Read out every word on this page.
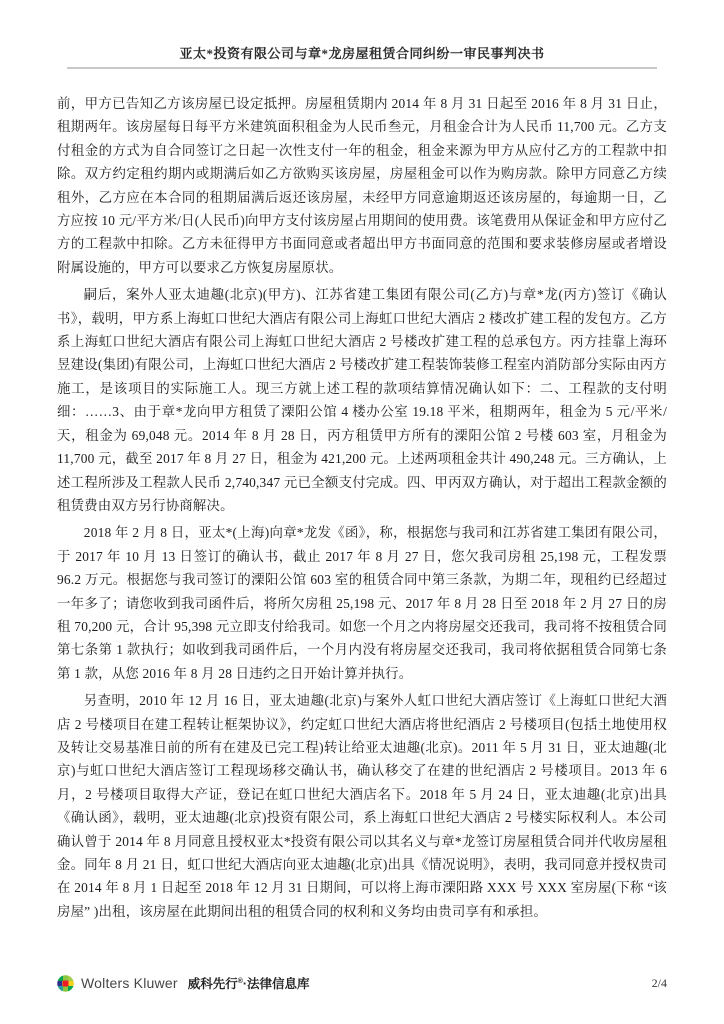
亚太*投资有限公司与章*龙房屋租赁合同纠纷一审民事判决书

前，甲方已告知乙方该房屋已设定抵押。房屋租赁期内 2014 年 8 月 31 日起至 2016 年 8 月 31 日止，租期两年。该房屋每日每平方米建筑面积租金为人民币叁元，月租金合计为人民币 11,700 元。乙方支付租金的方式为自合同签订之日起一次性支付一年的租金，租金来源为甲方从应付乙方的工程款中扣除。双方约定租约期内或期满后如乙方欲购买该房屋，房屋租金可以作为购房款。除甲方同意乙方续租外，乙方应在本合同的租期届满后返还该房屋，未经甲方同意逾期返还该房屋的，每逾期一日，乙方应按 10 元/平方米/日(人民币)向甲方支付该房屋占用期间的使用费。该笔费用从保证金和甲方应付乙方的工程款中扣除。乙方未征得甲方书面同意或者超出甲方书面同意的范围和要求装修房屋或者增设附属设施的，甲方可以要求乙方恢复房屋原状。

嗣后，案外人亚太迪趣(北京)(甲方)、江苏省建工集团有限公司(乙方)与章*龙(丙方)签订《确认书》，载明，甲方系上海虹口世纪大酒店有限公司上海虹口世纪大酒店 2 楼改扩建工程的发包方。乙方系上海虹口世纪大酒店有限公司上海虹口世纪大酒店 2 号楼改扩建工程的总承包方。丙方挂靠上海环昱建设(集团)有限公司，上海虹口世纪大酒店 2 号楼改扩建工程装饰装修工程室内消防部分实际由丙方施工，是该项目的实际施工人。现三方就上述工程的款项结算情况确认如下：二、工程款的支付明细：……3、由于章*龙向甲方租赁了溧阳公馆 4 楼办公室 19.18 平米，租期两年，租金为 5 元/平米/天，租金为 69,048 元。2014 年 8 月 28 日，丙方租赁甲方所有的溧阳公馆 2 号楼 603 室，月租金为 11,700 元，截至 2017 年 8 月 27 日，租金为 421,200 元。上述两项租金共计 490,248 元。三方确认，上述工程所涉及工程款人民币 2,740,347 元已全额支付完成。四、甲丙双方确认，对于超出工程款金额的租赁费由双方另行协商解决。

2018 年 2 月 8 日，亚太*(上海)向章*龙发《函》，称，根据您与我司和江苏省建工集团有限公司，于 2017 年 10 月 13 日签订的确认书，截止 2017 年 8 月 27 日，您欠我司房租 25,198 元，工程发票 96.2 万元。根据您与我司签订的溧阳公馆 603 室的租赁合同中第三条款，为期二年，现租约已经超过一年多了；请您收到我司函件后，将所欠房租 25,198 元、2017 年 8 月 28 日至 2018 年 2 月 27 日的房租 70,200 元，合计 95,398 元立即支付给我司。如您一个月之内将房屋交还我司，我司将不按租赁合同第七条第 1 款执行；如收到我司函件后，一个月内没有将房屋交还我司，我司将依据租赁合同第七条第 1 款，从您 2016 年 8 月 28 日违约之日开始计算并执行。

另查明，2010 年 12 月 16 日，亚太迪趣(北京)与案外人虹口世纪大酒店签订《上海虹口世纪大酒店 2 号楼项目在建工程转让框架协议》，约定虹口世纪大酒店将世纪酒店 2 号楼项目(包括土地使用权及转让交易基准日前的所有在建及已完工程)转让给亚太迪趣(北京)。2011 年 5 月 31 日，亚太迪趣(北京)与虹口世纪大酒店签订工程现场移交确认书，确认移交了在建的世纪酒店 2 号楼项目。2013 年 6 月，2 号楼项目取得大产证，登记在虹口世纪大酒店名下。2018 年 5 月 24 日，亚太迪趣(北京)出具《确认函》，载明，亚太迪趣(北京)投资有限公司，系上海虹口世纪大酒店 2 号楼实际权利人。本公司确认曾于 2014 年 8 月同意且授权亚太*投资有限公司以其名义与章*龙签订房屋租赁合同并代收房屋租金。同年 8 月 21 日，虹口世纪大酒店向亚太迪趣(北京)出具《情况说明》，表明，我司同意并授权贵司在 2014 年 8 月 1 日起至 2018 年 12 月 31 日期间，可以将上海市溧阳路 XXX 号 XXX 室房屋(下称 “该房屋” )出租，该房屋在此期间出租的租赁合同的权利和义务均由贵司享有和承担。

Wolters Kluwer 威科先行®·法律信息库	2/4
